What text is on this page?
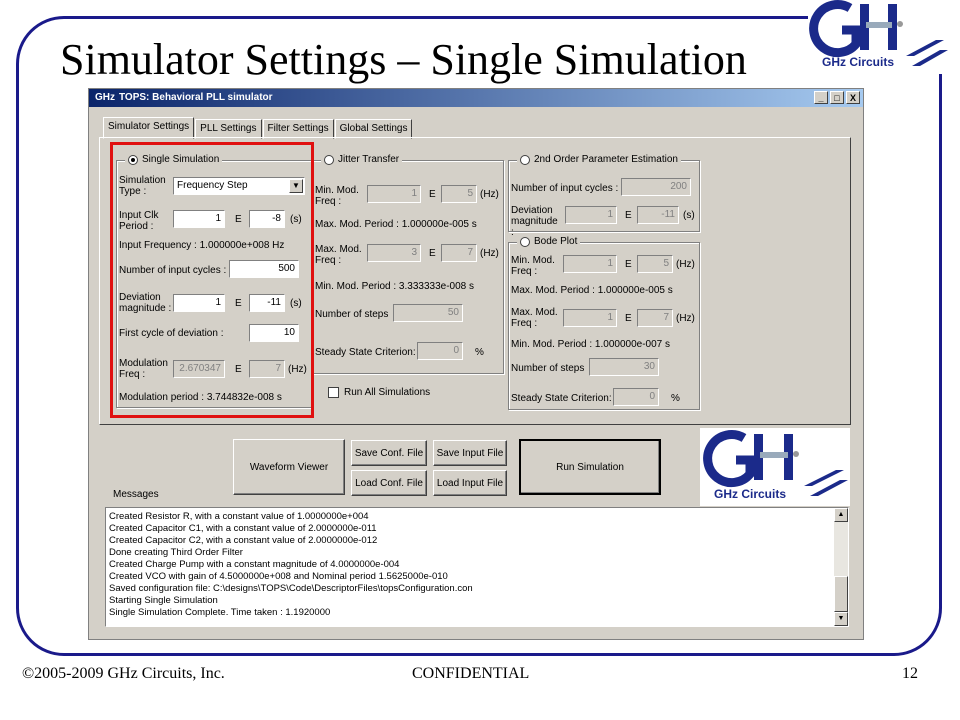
Simulator Settings – Single Simulation	GHz Circuits
GHz TOPS: Behavioral PLL simulator	_	□	X
Simulator Settings	PLL Settings	Filter Settings	Global Settings
Single Simulation
Simulation Type :
Frequency Step	▼
Input Clk Period :
1	E	-8 (s)
Input Frequency : 1.000000e+008 Hz
Number of input cycles :	500
Deviation magnitude :
1	E	-11 (s)
First cycle of deviation :	10
Modulation Freq :
2.670347	E	7 (Hz)
Modulation period : 3.744832e-008 s
Jitter Transfer
Min. Mod. Freq :
1	E	5 (Hz)
Max. Mod. Period : 1.000000e-005 s
Max. Mod. Freq :
3	E	7 (Hz)
Min. Mod. Period : 3.333333e-008 s
Number of steps	50
Steady State Criterion:	0	%
Run All Simulations
2nd Order Parameter Estimation
Number of input cycles :	200
Deviation magnitude :
1	E	-11 (s)
Bode Plot
Min. Mod. Freq :
1	E	5 (Hz)
Max. Mod. Period : 1.000000e-005 s
Max. Mod. Freq :
1	E	7 (Hz)
Min. Mod. Period : 1.000000e-007 s
Number of steps	30
Steady State Criterion:	0	%
Waveform Viewer
Save Conf. File
Load Conf. File
Save Input File
Load Input File
Run Simulation
Messages
Created Resistor R, with a constant value of 1.0000000e+004
Created Capacitor C1, with a constant value of 2.0000000e-011
Created Capacitor C2, with a constant value of 2.0000000e-012
Done creating Third Order Filter
Created Charge Pump with a constant magnitude of 4.0000000e-004
Created VCO with gain of 4.5000000e+008 and Nominal period 1.5625000e-010
Saved configuration file: C:\designs\TOPS\Code\DescriptorFiles\topsConfiguration.con
Starting Single Simulation
Single Simulation Complete. Time taken : 1.1920000
▲
▼
GHz Circuits
©2005-2009 GHz Circuits, Inc.	CONFIDENTIAL	12
